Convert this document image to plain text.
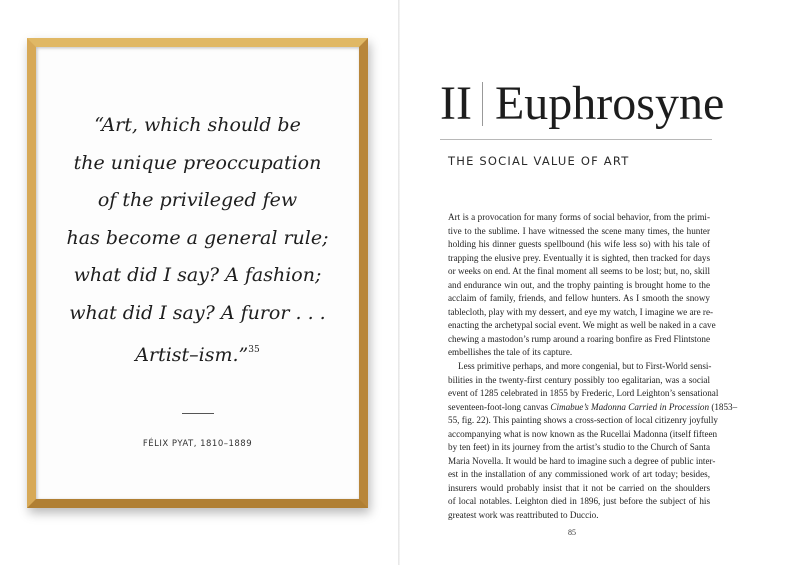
“Art, which should be
the unique preoccupation
of the privileged few
has become a general rule;
what did I say? A fashion;
what did I say? A furor . . .
Artist–ism.”$^{35}$

FÉLIX PYAT, 1810–1889
II Euphrosyne
THE SOCIAL VALUE OF ART
Art is a provocation for many forms of social behavior, from the primi-
tive to the sublime. I have witnessed the scene many times, the hunter
holding his dinner guests spellbound (his wife less so) with his tale of
trapping the elusive prey. Eventually it is sighted, then tracked for days
or weeks on end. At the final moment all seems to be lost; but, no, skill
and endurance win out, and the trophy painting is brought home to the
acclaim of family, friends, and fellow hunters. As I smooth the snowy
tablecloth, play with my dessert, and eye my watch, I imagine we are re-
enacting the archetypal social event. We might as well be naked in a cave
chewing a mastodon’s rump around a roaring bonfire as Fred Flintstone
embellishes the tale of its capture.
Less primitive perhaps, and more congenial, but to First-World sensi-
bilities in the twenty-first century possibly too egalitarian, was a social
event of 1285 celebrated in 1855 by Frederic, Lord Leighton’s sensational
seventeen-foot-long canvas Cimabue’s Madonna Carried in Procession (1853–
55, fig. 22). This painting shows a cross-section of local citizenry joyfully
accompanying what is now known as the Rucellai Madonna (itself fifteen
by ten feet) in its journey from the artist’s studio to the Church of Santa
Maria Novella. It would be hard to imagine such a degree of public inter-
est in the installation of any commissioned work of art today; besides,
insurers would probably insist that it not be carried on the shoulders
of local notables. Leighton died in 1896, just before the subject of his
greatest work was reattributed to Duccio.
85
